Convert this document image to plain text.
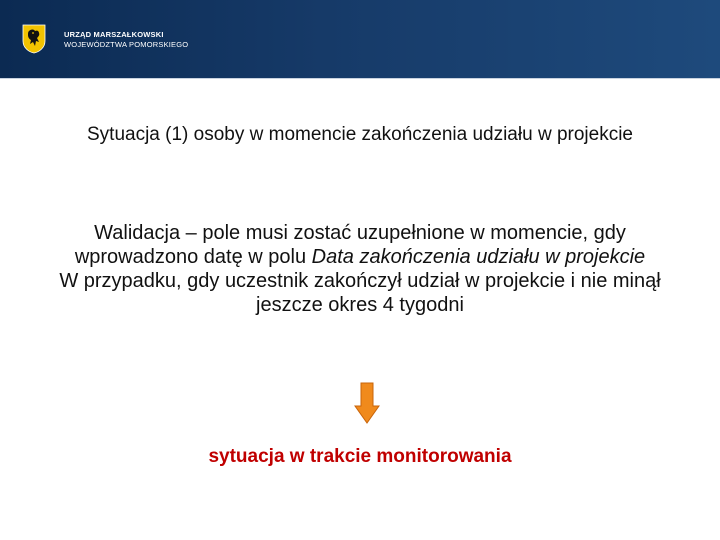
URZĄD MARSZAŁKOWSKI
WOJEWÓDZTWA POMORSKIEGO
Sytuacja (1) osoby w momencie zakończenia udziału w projekcie

Walidacja – pole musi zostać uzupełnione w momencie, gdy wprowadzono datę w polu Data zakończenia udziału w projekcie

W przypadku, gdy uczestnik zakończył udział w projekcie i nie minął jeszcze okres 4 tygodni

sytuacja w trakcie monitorowania
